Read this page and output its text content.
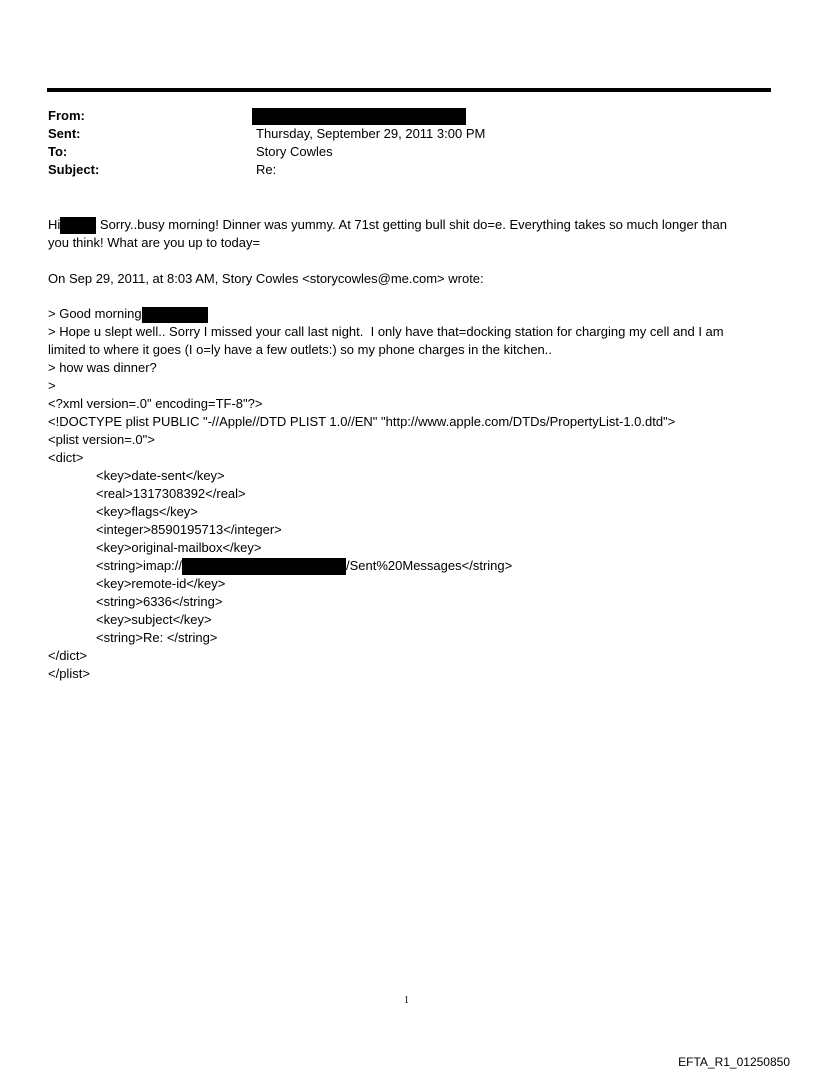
From:
Sent:	Thursday, September 29, 2011 3:00 PM
To:	Story Cowles
Subject:	Re:
Hi	Sorry..busy morning! Dinner was yummy. At 71st getting bull shit do=e. Everything takes so much longer than
you think! What are you up to today=
On Sep 29, 2011, at 8:03 AM, Story Cowles <storycowles@me.com> wrote:
> Good morning
> Hope u slept well.. Sorry I missed your call last night.  I only have that=docking station for charging my cell and I am
limited to where it goes (I o=ly have a few outlets:) so my phone charges in the kitchen..
> how was dinner?
>
<?xml version=.0" encoding=TF-8"?>
<!DOCTYPE plist PUBLIC "-//Apple//DTD PLIST 1.0//EN" "http://www.apple.com/DTDs/PropertyList-1.0.dtd">
<plist version=.0">
<dict>
<key>date-sent</key>
<real>1317308392</real>
<key>flags</key>
<integer>8590195713</integer>
<key>original-mailbox</key>
<string>imap://	/Sent%20Messages</string>
<key>remote-id</key>
<string>6336</string>
<key>subject</key>
<string>Re: </string>
</dict>
</plist>
1
EFTA_R1_01250850
